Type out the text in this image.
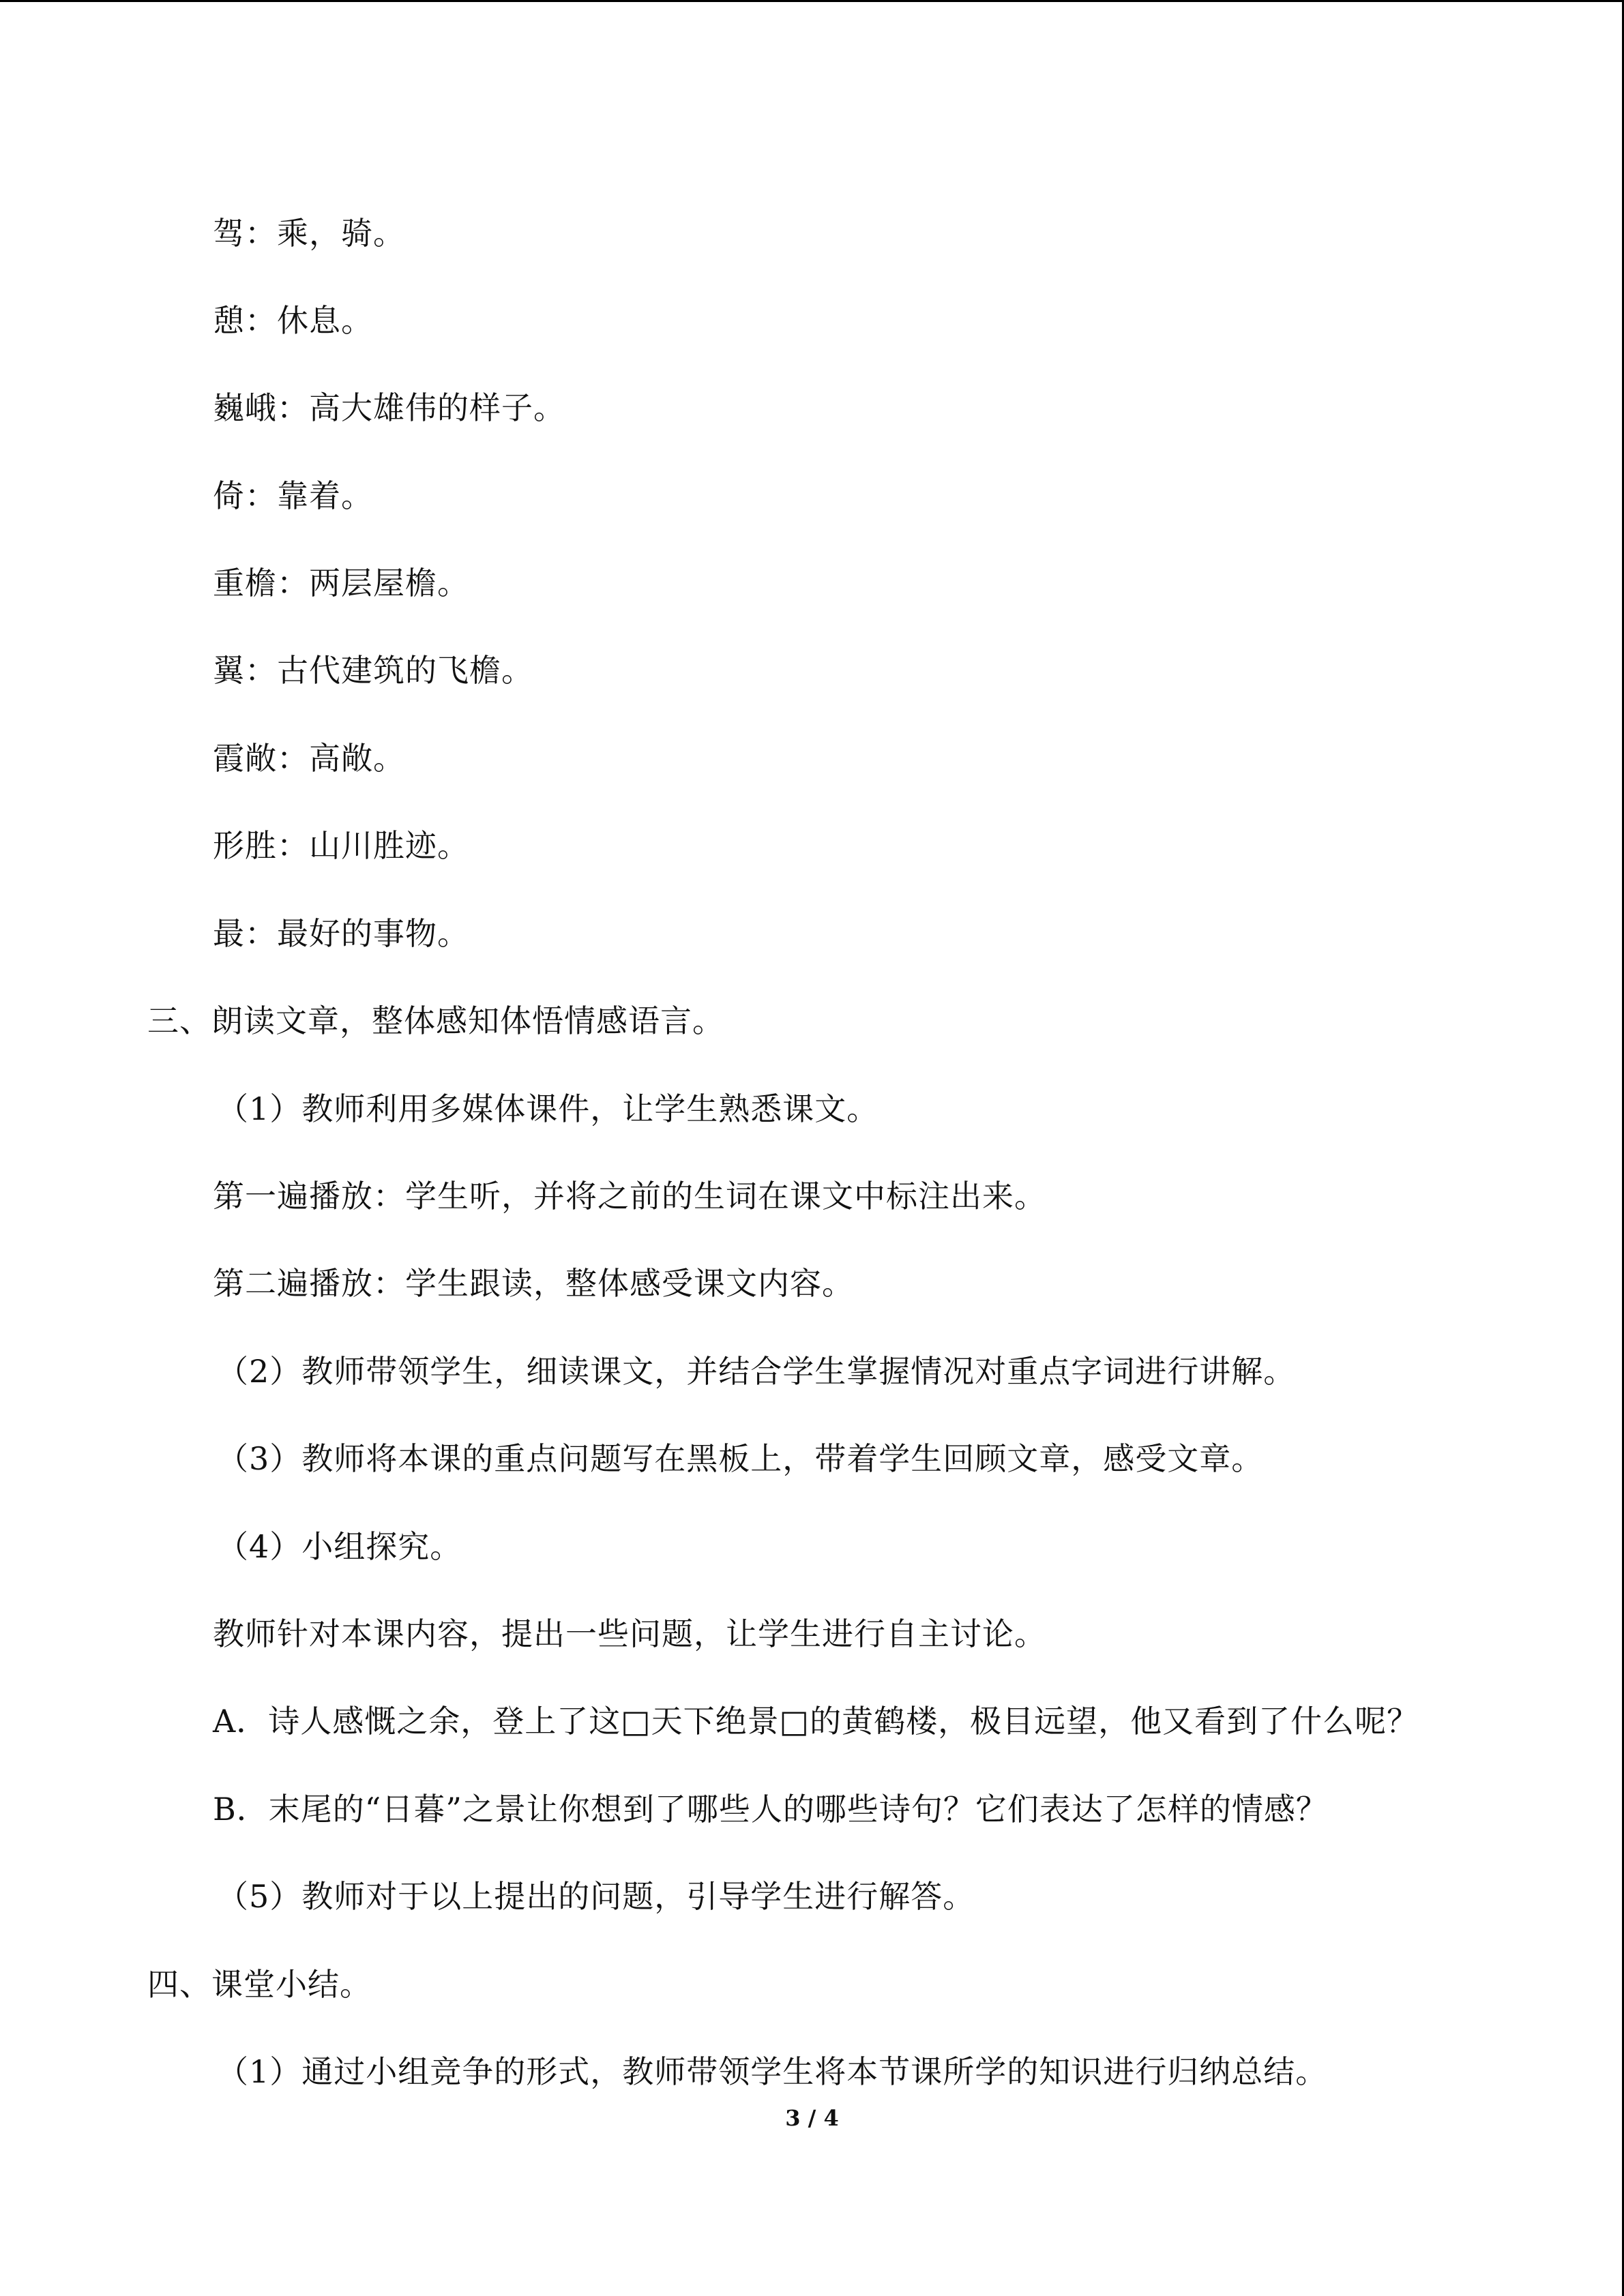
驾：乘，骑。
憩：休息。
巍峨：高大雄伟的样子。
倚：靠着。
重檐：两层屋檐。
翼：古代建筑的飞檐。
霞敞：高敞。
形胜：山川胜迹。
最：最好的事物。
三、朗读文章，整体感知体悟情感语言。
（1）教师利用多媒体课件，让学生熟悉课文。
第一遍播放：学生听，并将之前的生词在课文中标注出来。
第二遍播放：学生跟读，整体感受课文内容。
（2）教师带领学生，细读课文，并结合学生掌握情况对重点字词进行讲解。
（3）教师将本课的重点问题写在黑板上，带着学生回顾文章，感受文章。
（4）小组探究。
教师针对本课内容，提出一些问题，让学生进行自主讨论。
A．诗人感慨之余，登上了这□天下绝景□的黄鹤楼，极目远望，他又看到了什么呢？
B．末尾的“日暮”之景让你想到了哪些人的哪些诗句？它们表达了怎样的情感？
（5）教师对于以上提出的问题，引导学生进行解答。
四、课堂小结。
（1）通过小组竞争的形式，教师带领学生将本节课所学的知识进行归纳总结。
3 / 4
